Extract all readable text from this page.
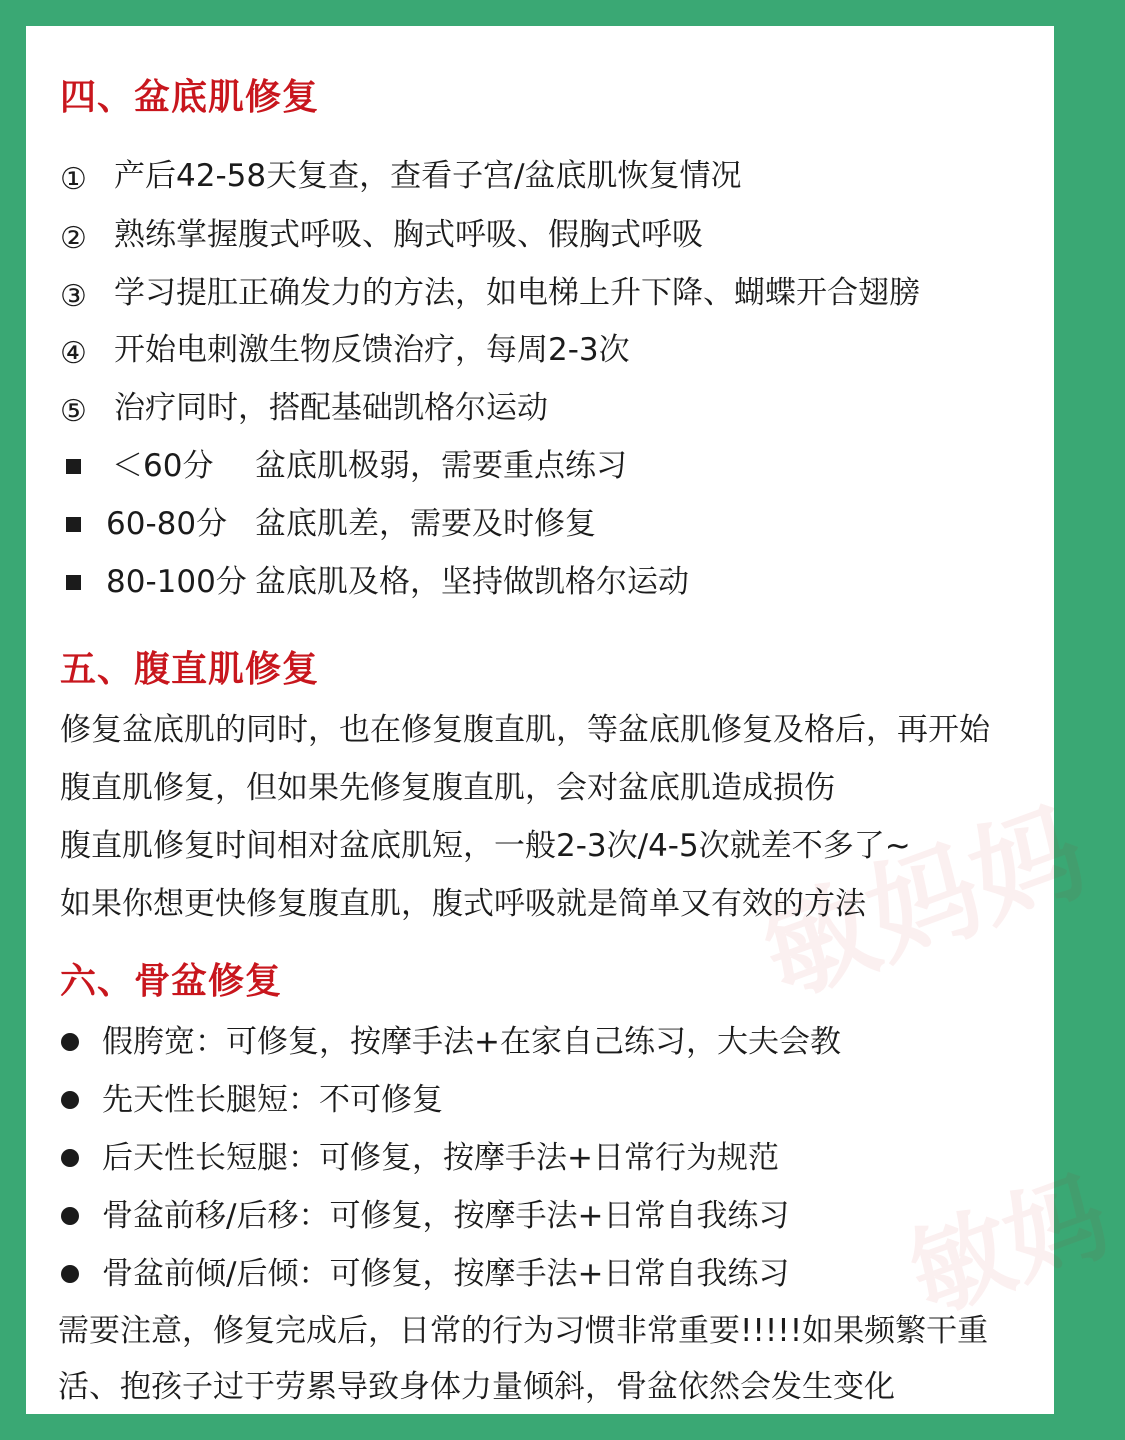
敏妈妈
敏妈
四、盆底肌修复
① 产后42-58天复查，查看子宫/盆底肌恢复情况
② 熟练掌握腹式呼吸、胸式呼吸、假胸式呼吸
③ 学习提肛正确发力的方法，如电梯上升下降、蝴蝶开合翅膀
④ 开始电刺激生物反馈治疗，每周2-3次
⑤ 治疗同时，搭配基础凯格尔运动
＜60分 盆底肌极弱，需要重点练习
60-80分 盆底肌差，需要及时修复
80-100分 盆底肌及格，坚持做凯格尔运动
五、腹直肌修复
修复盆底肌的同时，也在修复腹直肌，等盆底肌修复及格后，再开始
腹直肌修复，但如果先修复腹直肌，会对盆底肌造成损伤
腹直肌修复时间相对盆底肌短，一般2-3次/4-5次就差不多了~
如果你想更快修复腹直肌，腹式呼吸就是简单又有效的方法
六、骨盆修复
假胯宽：可修复，按摩手法+在家自己练习，大夫会教
先天性长腿短：不可修复
后天性长短腿：可修复，按摩手法+日常行为规范
骨盆前移/后移：可修复，按摩手法+日常自我练习
骨盆前倾/后倾：可修复，按摩手法+日常自我练习
需要注意，修复完成后，日常的行为习惯非常重要!!!!!如果频繁干重
活、抱孩子过于劳累导致身体力量倾斜，骨盆依然会发生变化
